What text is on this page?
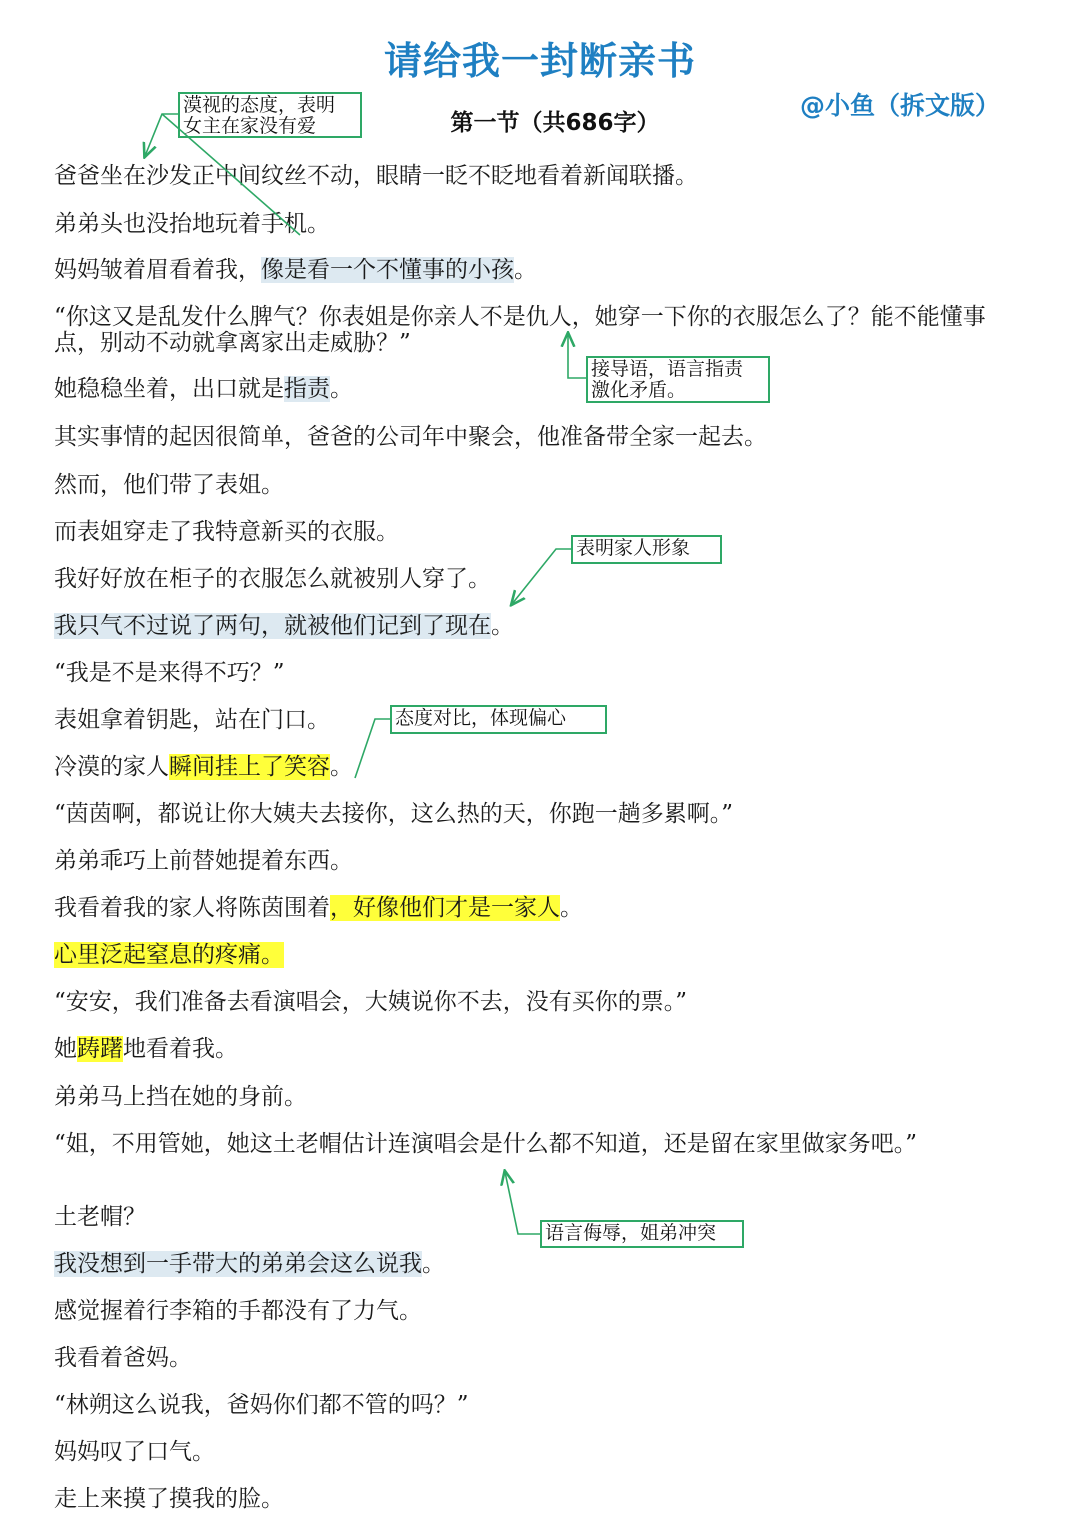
请给我一封断亲书
@小鱼（拆文版）
第一节（共686字）
爸爸坐在沙发正中间纹丝不动，眼睛一眨不眨地看着新闻联播。
弟弟头也没抬地玩着手机。
妈妈皱着眉看着我，像是看一个不懂事的小孩。
“你这又是乱发什么脾气？你表姐是你亲人不是仇人，她穿一下你的衣服怎么了？能不能懂事点，别动不动就拿离家出走威胁？”
她稳稳坐着，出口就是指责。
其实事情的起因很简单，爸爸的公司年中聚会，他准备带全家一起去。
然而，他们带了表姐。
而表姐穿走了我特意新买的衣服。
我好好放在柜子的衣服怎么就被别人穿了。
我只气不过说了两句，就被他们记到了现在。
“我是不是来得不巧？”
表姐拿着钥匙，站在门口。
冷漠的家人瞬间挂上了笑容。
“茵茵啊，都说让你大姨夫去接你，这么热的天，你跑一趟多累啊。”
弟弟乖巧上前替她提着东西。
我看着我的家人将陈茵围着，好像他们才是一家人。
心里泛起窒息的疼痛。
“安安，我们准备去看演唱会，大姨说你不去，没有买你的票。”
她踌躇地看着我。
弟弟马上挡在她的身前。
“姐，不用管她，她这土老帽估计连演唱会是什么都不知道，还是留在家里做家务吧。”
土老帽？
我没想到一手带大的弟弟会这么说我。
感觉握着行李箱的手都没有了力气。
我看着爸妈。
“林朔这么说我，爸妈你们都不管的吗？”
妈妈叹了口气。
走上来摸了摸我的脸。
漠视的态度，表明
女主在家没有爱
接导语，语言指责
激化矛盾。
表明家人形象
态度对比，体现偏心
语言侮辱，姐弟冲突
